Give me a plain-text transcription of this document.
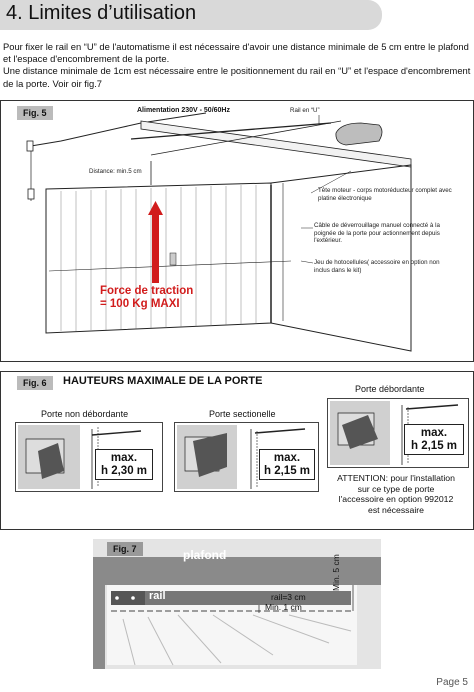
4. Limites d’utilisation

Pour fixer le rail en “U” de l'automatisme il est nécessaire d'avoir une distance minimale de 5 cm entre le plafond et l'espace d'encombrement de la porte.

Une distance minimale de 1cm est nécessaire entre le positionnement du rail en “U” et l'espace d'encombrement de la porte. Voir oir fig.7

Fig. 5	Alimentation 230V - 50/60Hz	Rail en “U”
Distance: min.5 cm
Tête moteur - corps motoréducteur complet avec platine électronique
Câble de déverrouillage manuel connecté à la poignée de la porte pour actionnement depuis l'extérieur.
Jeu de hotocellules( accessoire en option non inclus dans le kit)
Force de traction
= 100 Kg MAXI
Fig. 6	HAUTEURS MAXIMALE DE LA PORTE
Porte non débordante
max.
h 2,30 m
Porte sectionelle
max.
h 2,15 m
Porte débordante
max.
h 2,15 m
ATTENTION: pour l'installation
sur ce type de porte
l'accessoire en option 992012
est nécessaire
Fig. 7	plafond
rail	rail=3 cm
Min. 1 cm
Min. 5 cm
Page 5
